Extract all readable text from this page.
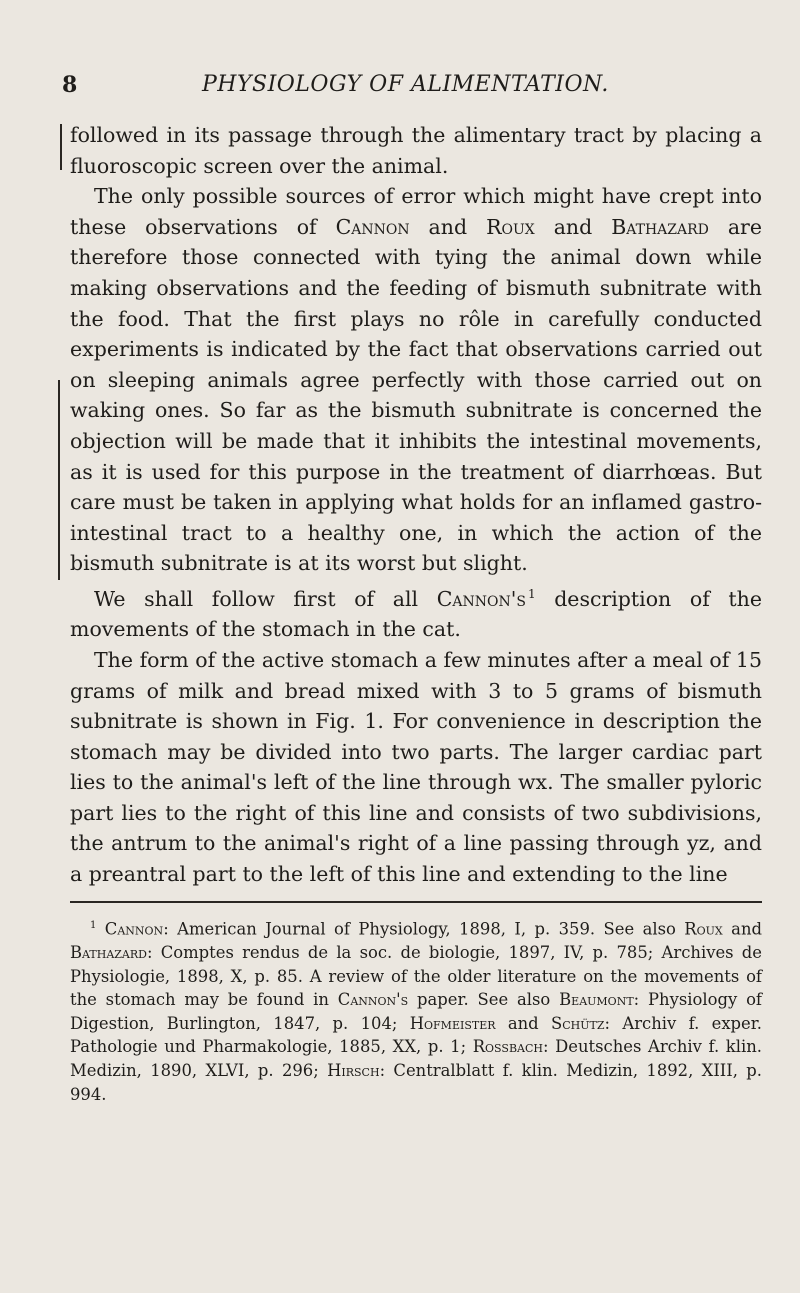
8	PHYSIOLOGY OF ALIMENTATION.

followed in its passage through the alimentary tract by placing a fluoroscopic screen over the animal.

The only possible sources of error which might have crept into these observations of Cannon and Roux and Bathazard are therefore those connected with tying the animal down while making observations and the feeding of bismuth subnitrate with the food. That the first plays no rôle in carefully conducted experiments is indicated by the fact that observations carried out on sleeping animals agree perfectly with those carried out on waking ones. So far as the bismuth subnitrate is concerned the objection will be made that it inhibits the intestinal movements, as it is used for this purpose in the treatment of diarrhœas. But care must be taken in applying what holds for an inflamed gastro-intestinal tract to a healthy one, in which the action of the bismuth subnitrate is at its worst but slight.

We shall follow first of all Cannon's $^1$ description of the movements of the stomach in the cat.

The form of the active stomach a few minutes after a meal of 15 grams of milk and bread mixed with 3 to 5 grams of bismuth subnitrate is shown in Fig. 1. For convenience in description the stomach may be divided into two parts. The larger cardiac part lies to the animal's left of the line through wx. The smaller pyloric part lies to the right of this line and consists of two subdivisions, the antrum to the animal's right of a line passing through yz, and a preantral part to the left of this line and extending to the line

$^1$ Cannon: American Journal of Physiology, 1898, I, p. 359. See also Roux and Bathazard: Comptes rendus de la soc. de biologie, 1897, IV, p. 785; Archives de Physiologie, 1898, X, p. 85. A review of the older literature on the movements of the stomach may be found in Cannon's paper. See also Beaumont: Physiology of Digestion, Burlington, 1847, p. 104; Hofmeister and Schütz: Archiv f. exper. Pathologie und Pharmakologie, 1885, XX, p. 1; Rossbach: Deutsches Archiv f. klin. Medizin, 1890, XLVI, p. 296; Hirsch: Centralblatt f. klin. Medizin, 1892, XIII, p. 994.
